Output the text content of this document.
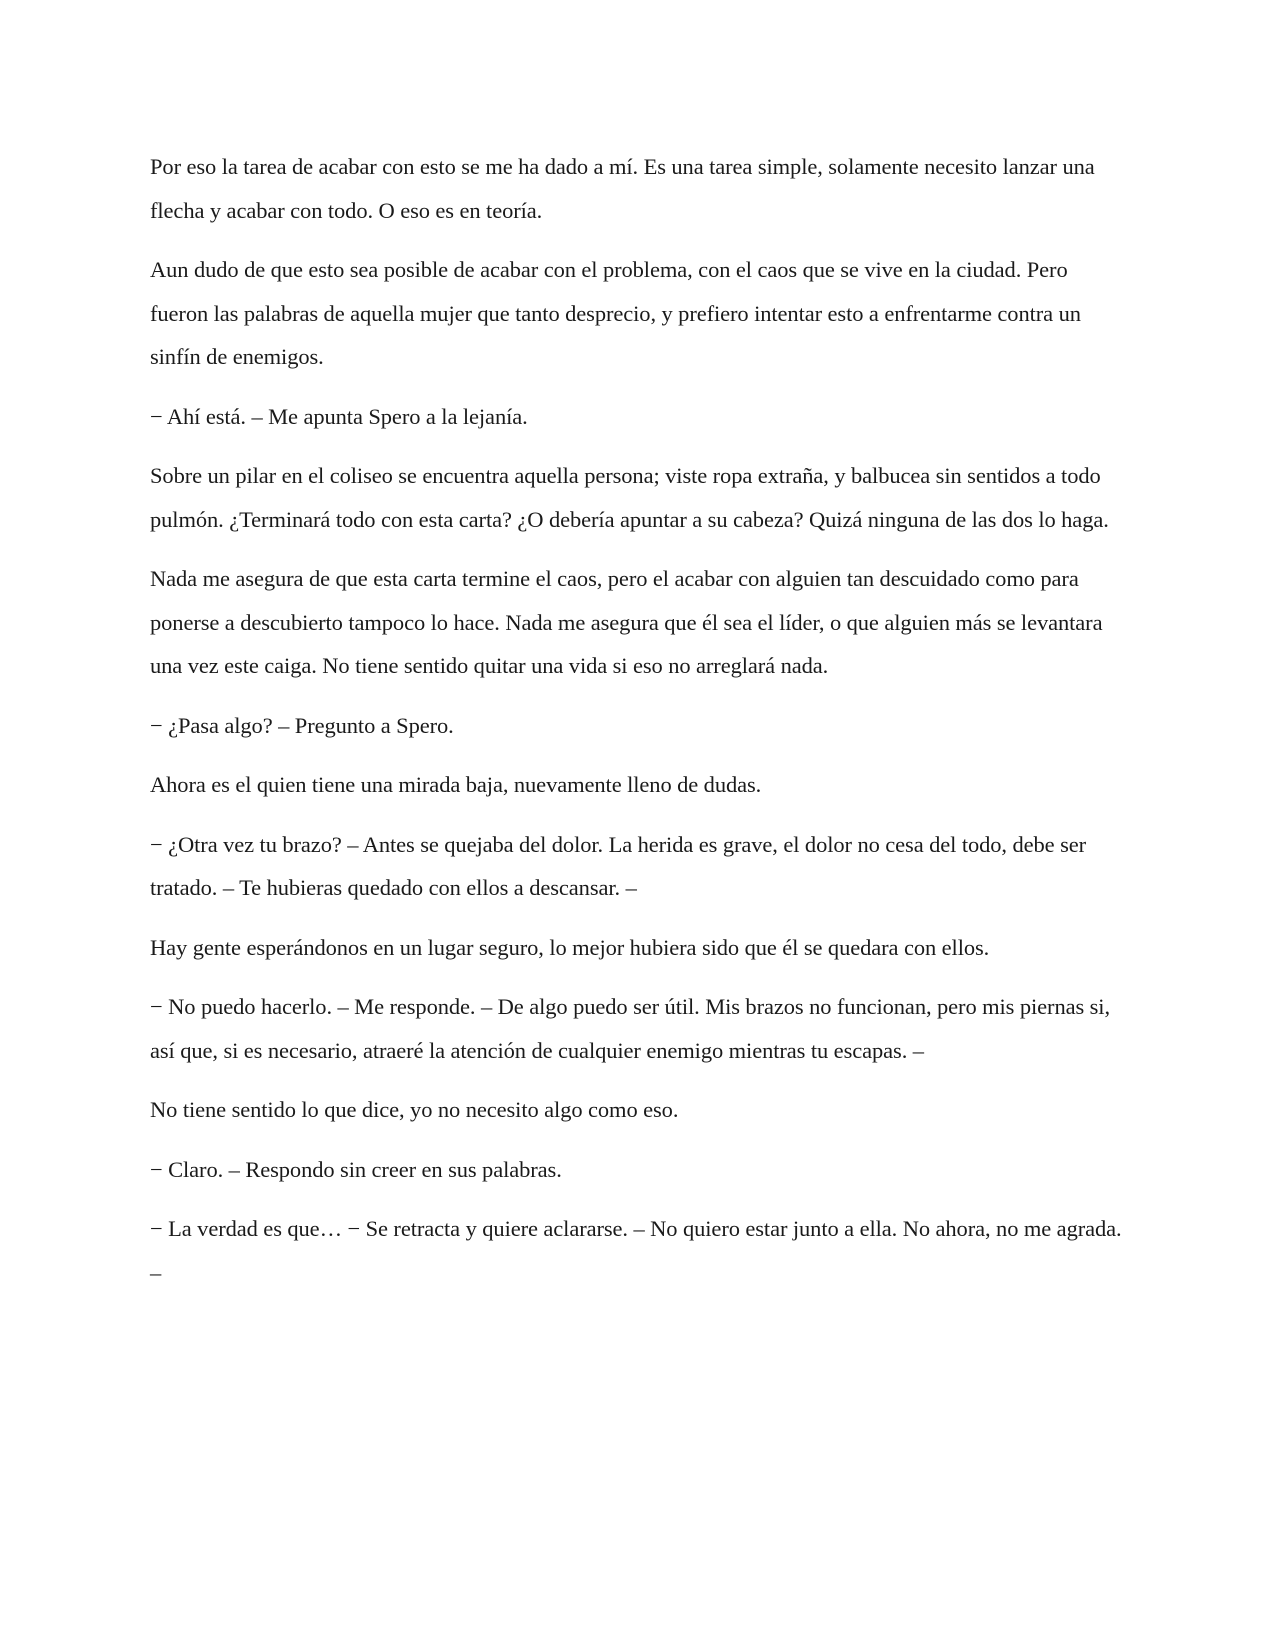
Por eso la tarea de acabar con esto se me ha dado a mí. Es una tarea simple, solamente necesito lanzar una flecha y acabar con todo. O eso es en teoría.

Aun dudo de que esto sea posible de acabar con el problema, con el caos que se vive en la ciudad. Pero fueron las palabras de aquella mujer que tanto desprecio, y prefiero intentar esto a enfrentarme contra un sinfín de enemigos.

− Ahí está. – Me apunta Spero a la lejanía.

Sobre un pilar en el coliseo se encuentra aquella persona; viste ropa extraña, y balbucea sin sentidos a todo pulmón. ¿Terminará todo con esta carta? ¿O debería apuntar a su cabeza? Quizá ninguna de las dos lo haga.

Nada me asegura de que esta carta termine el caos, pero el acabar con alguien tan descuidado como para ponerse a descubierto tampoco lo hace. Nada me asegura que él sea el líder, o que alguien más se levantara una vez este caiga. No tiene sentido quitar una vida si eso no arreglará nada.

− ¿Pasa algo? – Pregunto a Spero.

Ahora es el quien tiene una mirada baja, nuevamente lleno de dudas.

− ¿Otra vez tu brazo? – Antes se quejaba del dolor. La herida es grave, el dolor no cesa del todo, debe ser tratado. – Te hubieras quedado con ellos a descansar. –

Hay gente esperándonos en un lugar seguro, lo mejor hubiera sido que él se quedara con ellos.

− No puedo hacerlo. – Me responde. – De algo puedo ser útil. Mis brazos no funcionan, pero mis piernas si, así que, si es necesario, atraeré la atención de cualquier enemigo mientras tu escapas. –

No tiene sentido lo que dice, yo no necesito algo como eso.

− Claro. – Respondo sin creer en sus palabras.

− La verdad es que… − Se retracta y quiere aclararse. – No quiero estar junto a ella. No ahora, no me agrada. –
